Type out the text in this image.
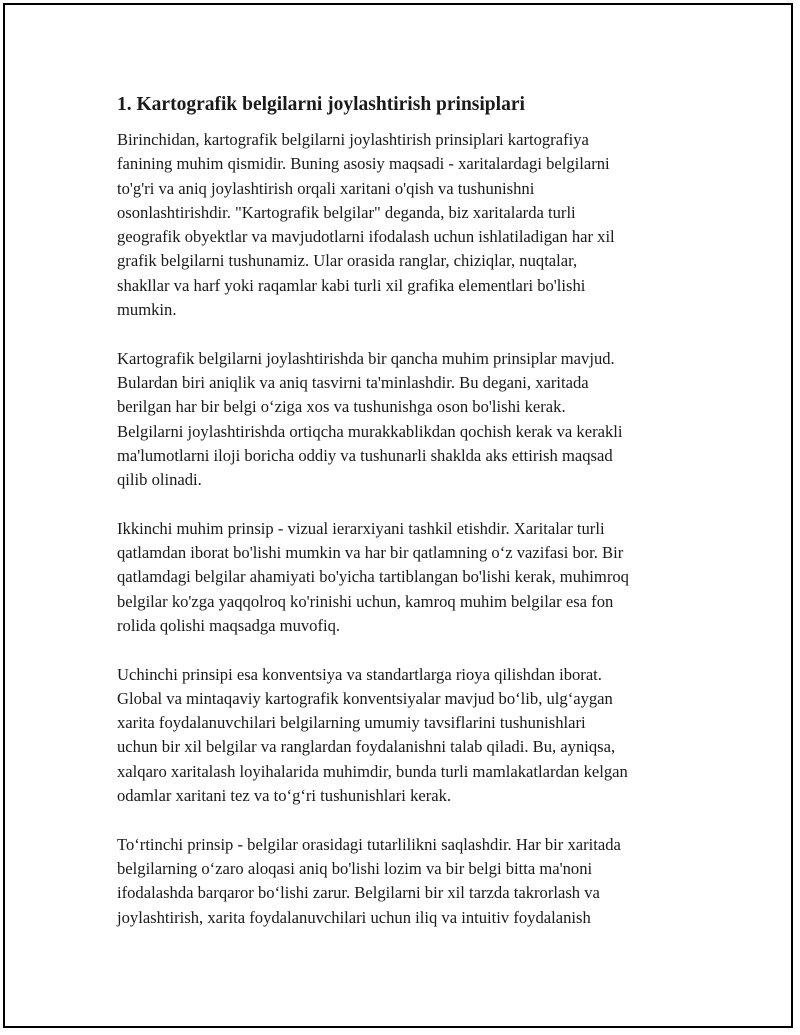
1. Kartografik belgilarni joylashtirish prinsiplari
Birinchidan, kartografik belgilarni joylashtirish prinsiplari kartografiya
fanining muhim qismidir. Buning asosiy maqsadi - xaritalardagi belgilarni
to'g'ri va aniq joylashtirish orqali xaritani o'qish va tushunishni
osonlashtirishdir. "Kartografik belgilar" deganda, biz xaritalarda turli
geografik obyektlar va mavjudotlarni ifodalash uchun ishlatiladigan har xil
grafik belgilarni tushunamiz. Ular orasida ranglar, chiziqlar, nuqtalar,
shakllar va harf yoki raqamlar kabi turli xil grafika elementlari bo'lishi
mumkin.
Kartografik belgilarni joylashtirishda bir qancha muhim prinsiplar mavjud.
Bulardan biri aniqlik va aniq tasvirni ta'minlashdir. Bu degani, xaritada
berilgan har bir belgi o‘ziga xos va tushunishga oson bo'lishi kerak.
Belgilarni joylashtirishda ortiqcha murakkablikdan qochish kerak va kerakli
ma'lumotlarni iloji boricha oddiy va tushunarli shaklda aks ettirish maqsad
qilib olinadi.
Ikkinchi muhim prinsip - vizual ierarxiyani tashkil etishdir. Xaritalar turli
qatlamdan iborat bo'lishi mumkin va har bir qatlamning o‘z vazifasi bor. Bir
qatlamdagi belgilar ahamiyati bo'yicha tartiblangan bo'lishi kerak, muhimroq
belgilar ko'zga yaqqolroq ko'rinishi uchun, kamroq muhim belgilar esa fon
rolida qolishi maqsadga muvofiq.
Uchinchi prinsipi esa konventsiya va standartlarga rioya qilishdan iborat.
Global va mintaqaviy kartografik konventsiyalar mavjud bo‘lib, ulg‘aygan
xarita foydalanuvchilari belgilarning umumiy tavsiflarini tushunishlari
uchun bir xil belgilar va ranglardan foydalanishni talab qiladi. Bu, ayniqsa,
xalqaro xaritalash loyihalarida muhimdir, bunda turli mamlakatlardan kelgan
odamlar xaritani tez va to‘g‘ri tushunishlari kerak.
To‘rtinchi prinsip - belgilar orasidagi tutarlilikni saqlashdir. Har bir xaritada
belgilarning o‘zaro aloqasi aniq bo'lishi lozim va bir belgi bitta ma'noni
ifodalashda barqaror bo‘lishi zarur. Belgilarni bir xil tarzda takrorlash va
joylashtirish, xarita foydalanuvchilari uchun iliq va intuitiv foydalanish
